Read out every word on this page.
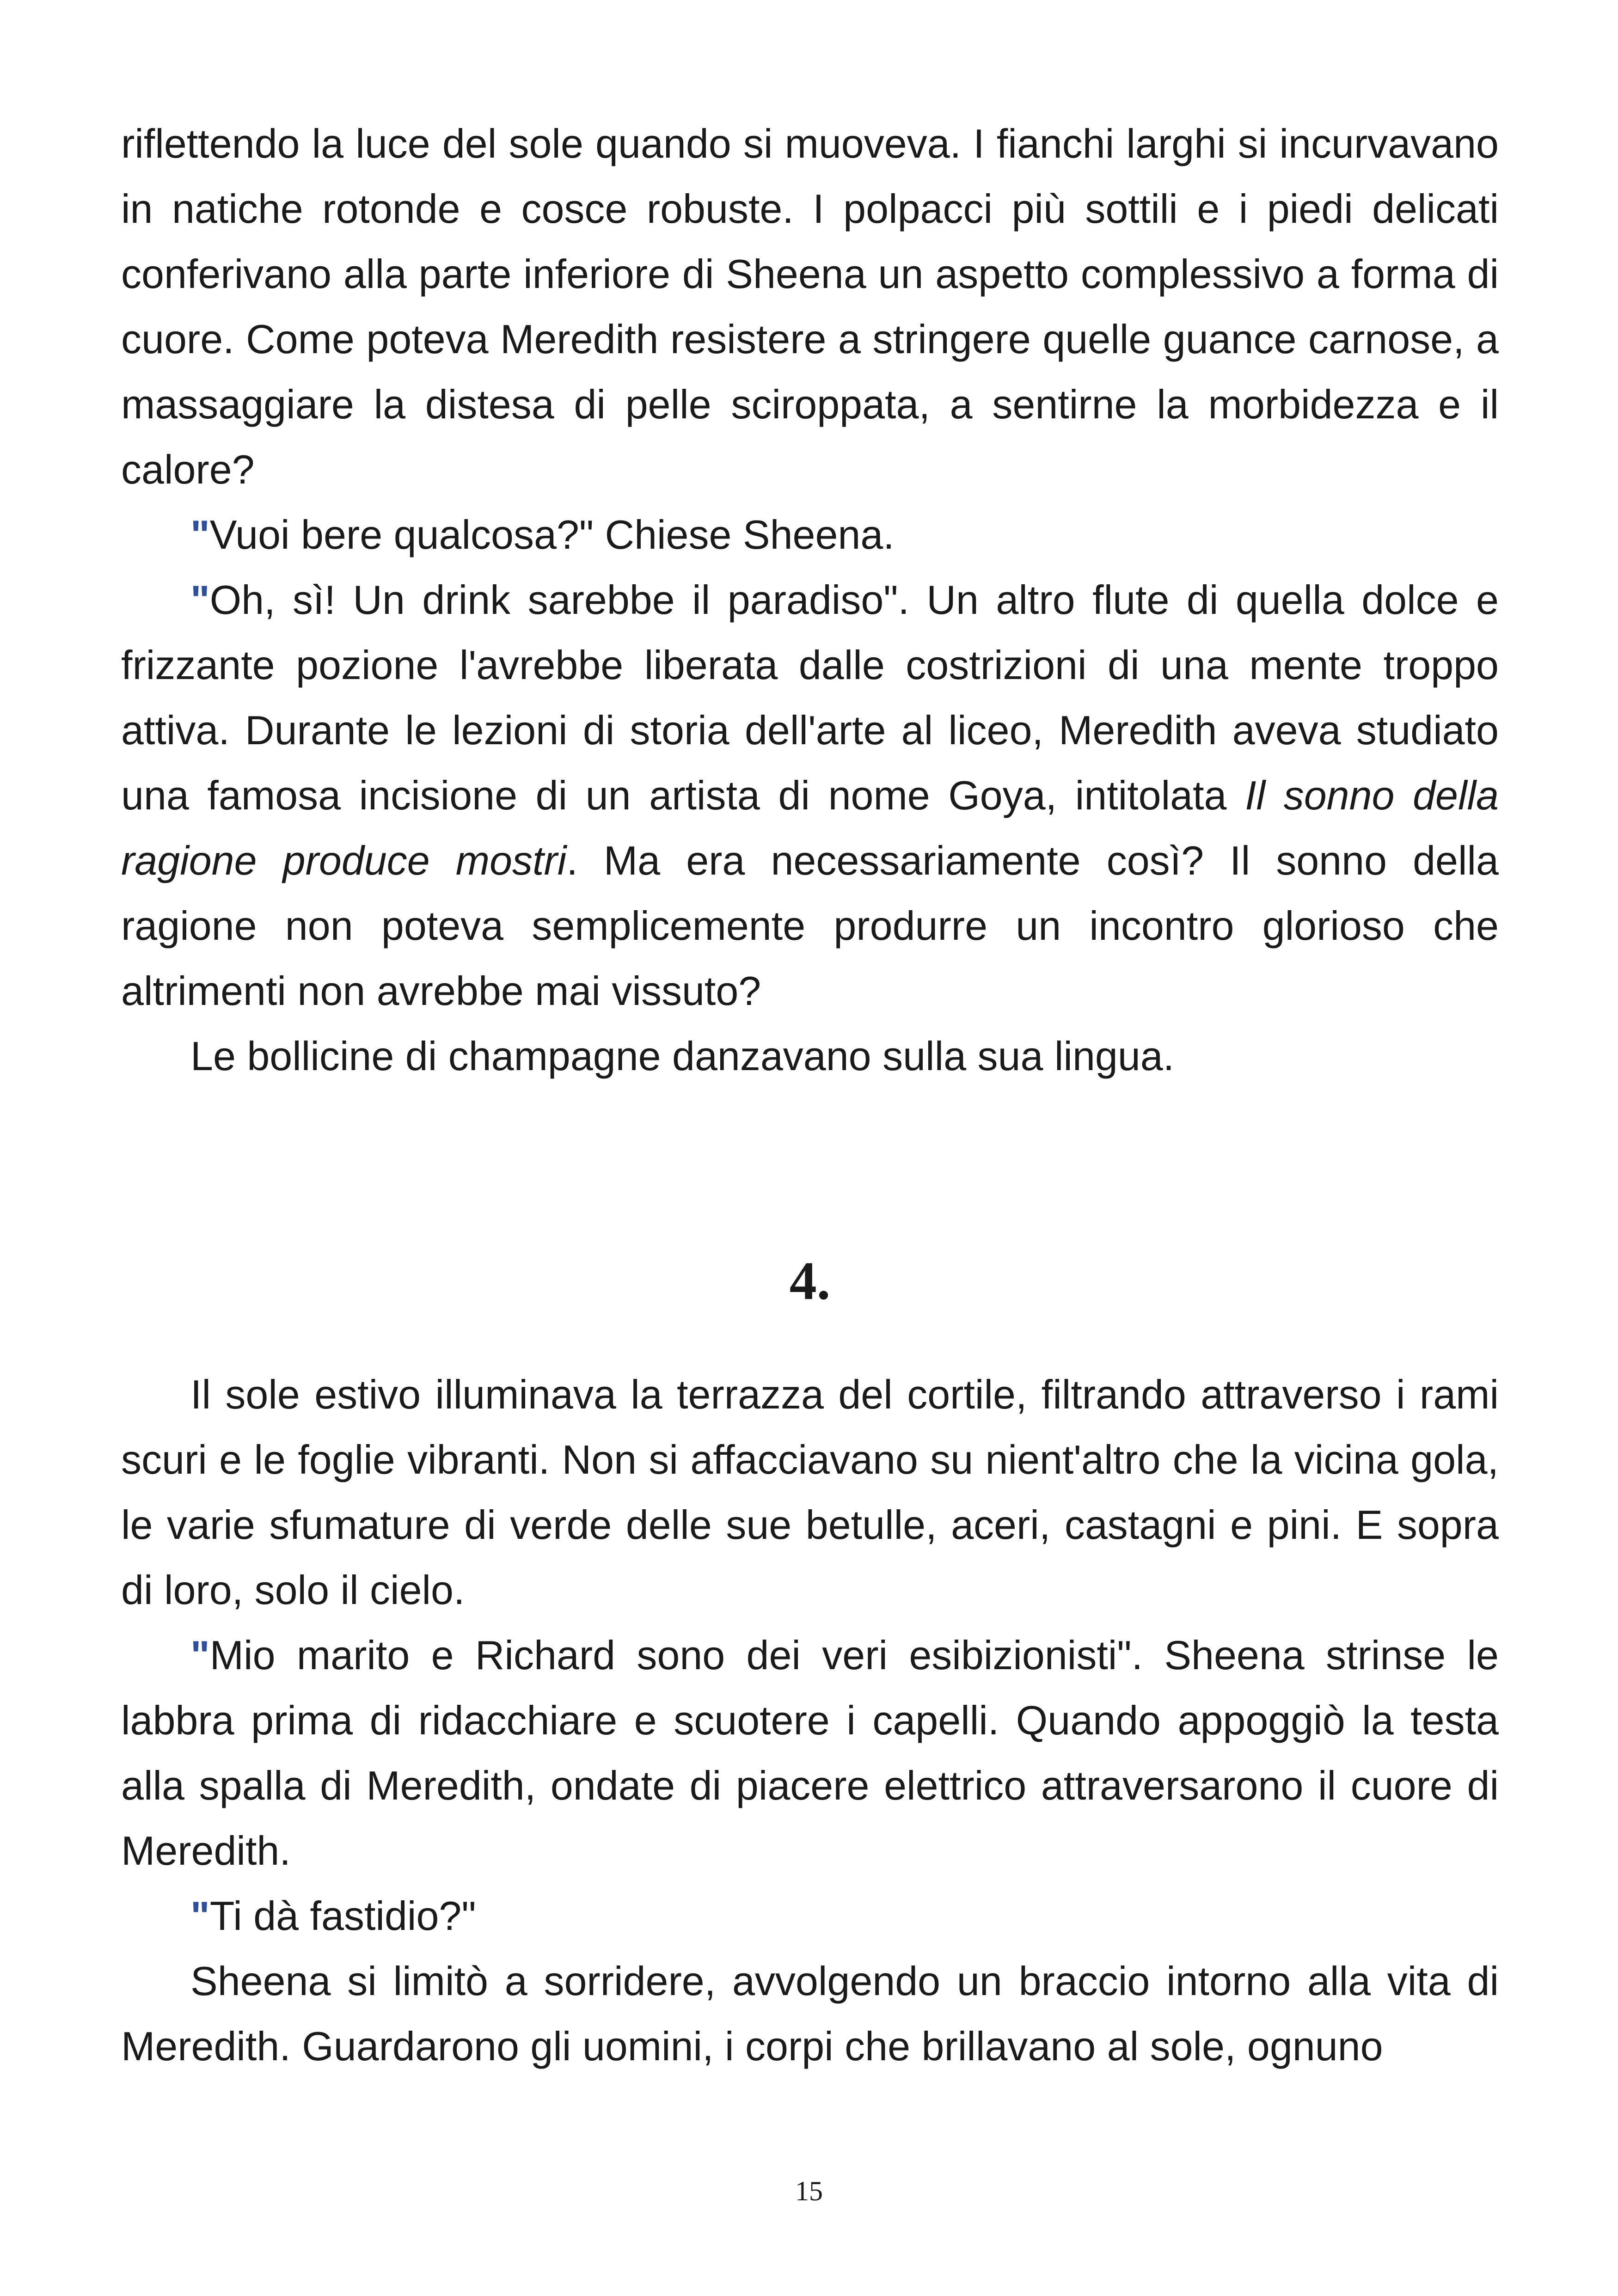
riflettendo la luce del sole quando si muoveva. I fianchi larghi si incurvavano in natiche rotonde e cosce robuste. I polpacci più sottili e i piedi delicati conferivano alla parte inferiore di Sheena un aspetto complessivo a forma di cuore. Come poteva Meredith resistere a stringere quelle guance carnose, a massaggiare la distesa di pelle sciroppata, a sentirne la morbidezza e il calore?

"Vuoi bere qualcosa?" Chiese Sheena.

"Oh, sì! Un drink sarebbe il paradiso". Un altro flute di quella dolce e frizzante pozione l'avrebbe liberata dalle costrizioni di una mente troppo attiva. Durante le lezioni di storia dell'arte al liceo, Meredith aveva studiato una famosa incisione di un artista di nome Goya, intitolata Il sonno della ragione produce mostri. Ma era necessariamente così? Il sonno della ragione non poteva semplicemente produrre un incontro glorioso che altrimenti non avrebbe mai vissuto?

Le bollicine di champagne danzavano sulla sua lingua.

4.

Il sole estivo illuminava la terrazza del cortile, filtrando attraverso i rami scuri e le foglie vibranti. Non si affacciavano su nient'altro che la vicina gola, le varie sfumature di verde delle sue betulle, aceri, castagni e pini. E sopra di loro, solo il cielo.

"Mio marito e Richard sono dei veri esibizionisti". Sheena strinse le labbra prima di ridacchiare e scuotere i capelli. Quando appoggiò la testa alla spalla di Meredith, ondate di piacere elettrico attraversarono il cuore di Meredith.

"Ti dà fastidio?"

Sheena si limitò a sorridere, avvolgendo un braccio intorno alla vita di Meredith. Guardarono gli uomini, i corpi che brillavano al sole, ognuno

15
